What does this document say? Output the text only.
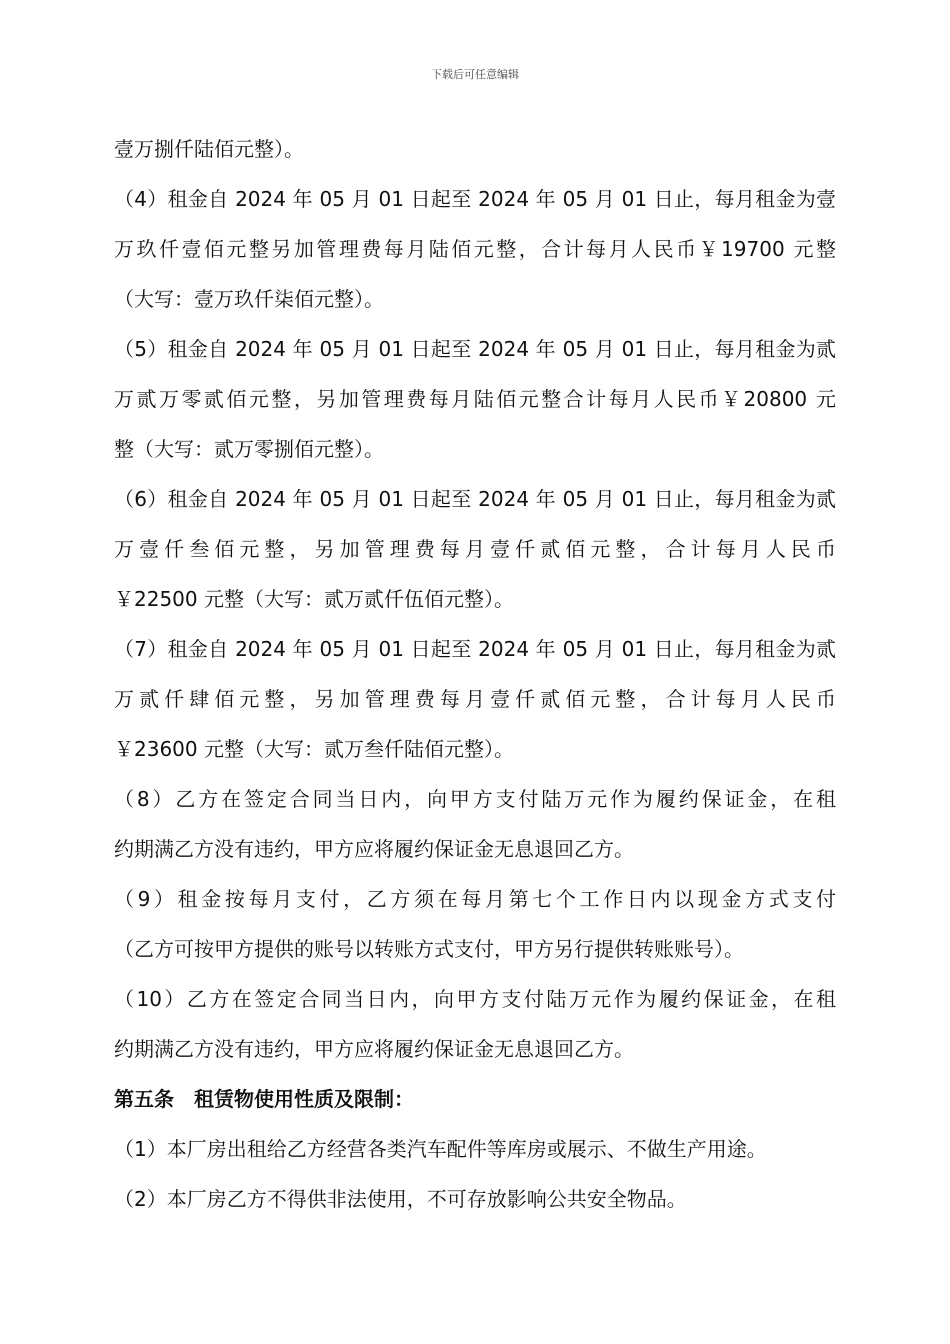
下载后可任意编辑
壹万捌仟陆佰元整）。
（4）租金自 2024 年 05 月 01 日起至 2024 年 05 月 01 日止，每月租金为壹
万玖仟壹佰元整另加管理费每月陆佰元整，合计每月人民币￥19700 元整
（大写：壹万玖仟柒佰元整）。
（5）租金自 2024 年 05 月 01 日起至 2024 年 05 月 01 日止，每月租金为贰
万贰万零贰佰元整，另加管理费每月陆佰元整合计每月人民币￥20800 元
整（大写：贰万零捌佰元整）。
（6）租金自 2024 年 05 月 01 日起至 2024 年 05 月 01 日止，每月租金为贰
万壹仟叁佰元整，另加管理费每月壹仟贰佰元整，合计每月人民币
￥22500 元整（大写：贰万贰仟伍佰元整）。
（7）租金自 2024 年 05 月 01 日起至 2024 年 05 月 01 日止，每月租金为贰
万贰仟肆佰元整，另加管理费每月壹仟贰佰元整，合计每月人民币
￥23600 元整（大写：贰万叁仟陆佰元整）。
（8）乙方在签定合同当日内，向甲方支付陆万元作为履约保证金，在租
约期满乙方没有违约，甲方应将履约保证金无息退回乙方。
（9）租金按每月支付，乙方须在每月第七个工作日内以现金方式支付
（乙方可按甲方提供的账号以转账方式支付，甲方另行提供转账账号）。
（10）乙方在签定合同当日内，向甲方支付陆万元作为履约保证金，在租
约期满乙方没有违约，甲方应将履约保证金无息退回乙方。
第五条　租赁物使用性质及限制：
（1）本厂房出租给乙方经营各类汽车配件等库房或展示、不做生产用途。
（2）本厂房乙方不得供非法使用，不可存放影响公共安全物品。
